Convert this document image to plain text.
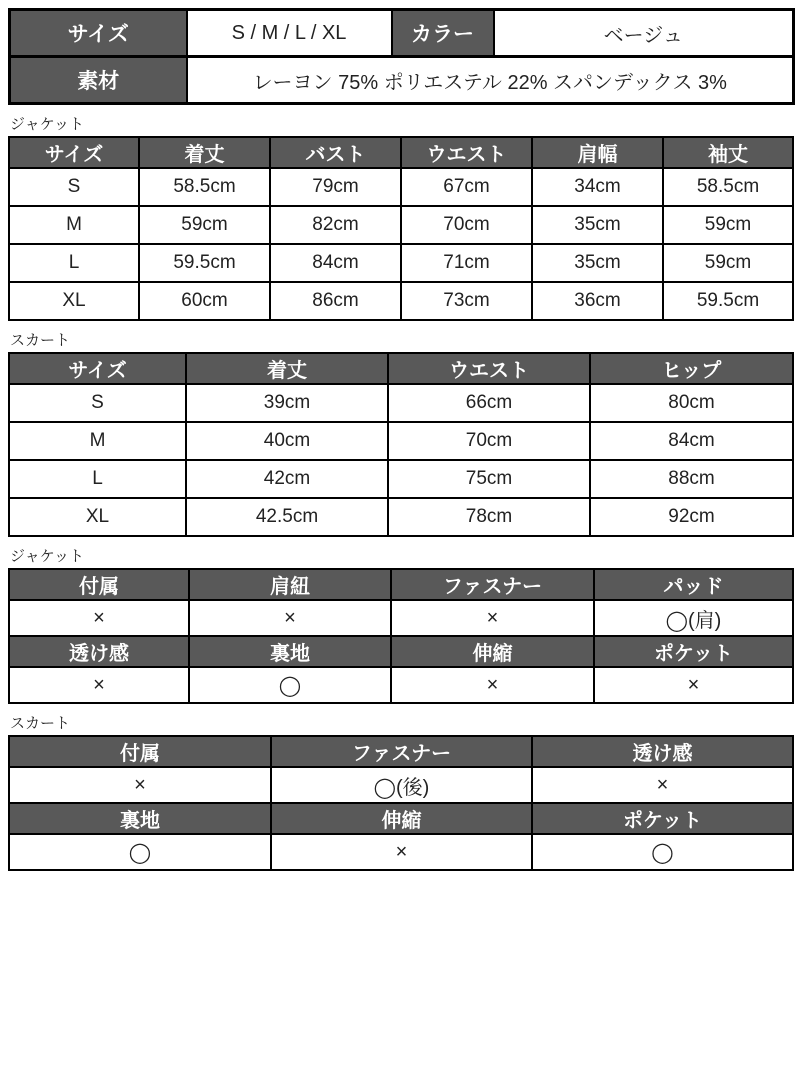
サイズ	S / M / L / XL	カラー	ベージュ
素材	レーヨン 75% ポリエステル 22% スパンデックス 3%		
ジャケット
サイズ	着丈	バスト	ウエスト	肩幅	袖丈
S	58.5cm	79cm	67cm	34cm	58.5cm
M	59cm	82cm	70cm	35cm	59cm
L	59.5cm	84cm	71cm	35cm	59cm
XL	60cm	86cm	73cm	36cm	59.5cm
スカート
サイズ	着丈	ウエスト	ヒップ
S	39cm	66cm	80cm
M	40cm	70cm	84cm
L	42cm	75cm	88cm
XL	42.5cm	78cm	92cm
ジャケット
付属	肩紐	ファスナー	パッド
×	×	×	◯(肩)
透け感	裏地	伸縮	ポケット
×	◯	×	×
スカート
付属	ファスナー	透け感
×	◯(後)	×
裏地	伸縮	ポケット
◯	×	◯
